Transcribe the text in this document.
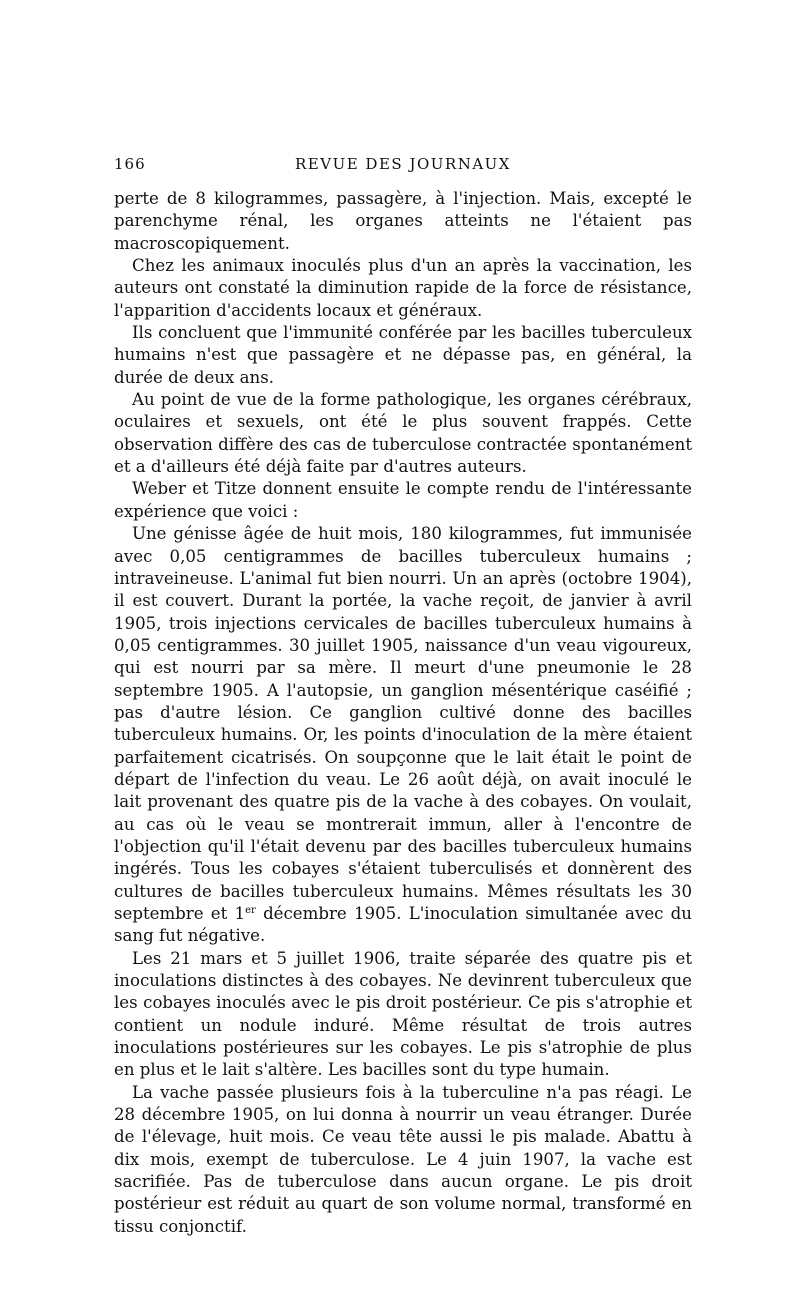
166	REVUE DES JOURNAUX

perte de 8 kilogrammes, passagère, à l'injection. Mais, excepté le parenchyme rénal, les organes atteints ne l'étaient pas macroscopiquement.

Chez les animaux inoculés plus d'un an après la vaccination, les auteurs ont constaté la diminution rapide de la force de résistance, l'apparition d'accidents locaux et généraux.

Ils concluent que l'immunité conférée par les bacilles tuberculeux humains n'est que passagère et ne dépasse pas, en général, la durée de deux ans.

Au point de vue de la forme pathologique, les organes cérébraux, oculaires et sexuels, ont été le plus souvent frappés. Cette observation diffère des cas de tuberculose contractée spontanément et a d'ailleurs été déjà faite par d'autres auteurs.

Weber et Titze donnent ensuite le compte rendu de l'intéressante expérience que voici :

Une génisse âgée de huit mois, 180 kilogrammes, fut immunisée avec 0,05 centigrammes de bacilles tuberculeux humains ; intraveineuse. L'animal fut bien nourri. Un an après (octobre 1904), il est couvert. Durant la portée, la vache reçoit, de janvier à avril 1905, trois injections cervicales de bacilles tuberculeux humains à 0,05 centigrammes. 30 juillet 1905, naissance d'un veau vigoureux, qui est nourri par sa mère. Il meurt d'une pneumonie le 28 septembre 1905. A l'autopsie, un ganglion mésentérique caséifié ; pas d'autre lésion. Ce ganglion cultivé donne des bacilles tuberculeux humains. Or, les points d'inoculation de la mère étaient parfaitement cicatrisés. On soupçonne que le lait était le point de départ de l'infection du veau. Le 26 août déjà, on avait inoculé le lait provenant des quatre pis de la vache à des cobayes. On voulait, au cas où le veau se montrerait immun, aller à l'encontre de l'objection qu'il l'était devenu par des bacilles tuberculeux humains ingérés. Tous les cobayes s'étaient tuberculisés et donnèrent des cultures de bacilles tuberculeux humains. Mêmes résultats les 30 septembre et 1er décembre 1905. L'inoculation simultanée avec du sang fut négative.

Les 21 mars et 5 juillet 1906, traite séparée des quatre pis et inoculations distinctes à des cobayes. Ne devinrent tuberculeux que les cobayes inoculés avec le pis droit postérieur. Ce pis s'atrophie et contient un nodule induré. Même résultat de trois autres inoculations postérieures sur les cobayes. Le pis s'atrophie de plus en plus et le lait s'altère. Les bacilles sont du type humain.

La vache passée plusieurs fois à la tuberculine n'a pas réagi. Le 28 décembre 1905, on lui donna à nourrir un veau étranger. Durée de l'élevage, huit mois. Ce veau tête aussi le pis malade. Abattu à dix mois, exempt de tuberculose. Le 4 juin 1907, la vache est sacrifiée. Pas de tuberculose dans aucun organe. Le pis droit postérieur est réduit au quart de son volume normal, transformé en tissu conjonctif.
